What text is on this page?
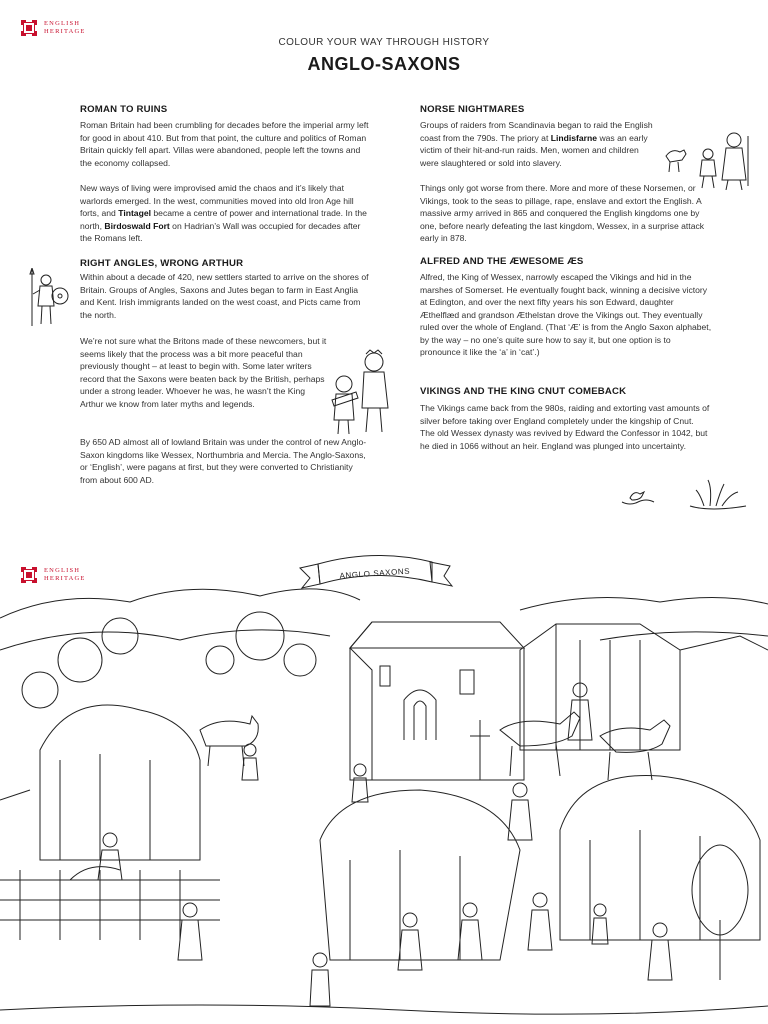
ENGLISH
HERITAGE
COLOUR YOUR WAY THROUGH HISTORY
ANGLO-SAXONS
ROMAN TO RUINS
Roman Britain had been crumbling for decades before the imperial army left for good in about 410. But from that point, the culture and politics of Roman Britain quickly fell apart. Villas were abandoned, people left the towns and the economy collapsed.
New ways of living were improvised amid the chaos and it’s likely that warlords emerged. In the west, communities moved into old Iron Age hill forts, and Tintagel became a centre of power and international trade. In the north, Birdoswald Fort on Hadrian’s Wall was occupied for decades after the Romans left.
RIGHT ANGLES, WRONG ARTHUR
Within about a decade of 420, new settlers started to arrive on the shores of Britain. Groups of Angles, Saxons and Jutes began to farm in East Anglia and Kent. Irish immigrants landed on the west coast, and Picts came from the north.
We’re not sure what the Britons made of these newcomers, but it seems likely that the process was a bit more peaceful than previously thought – at least to begin with. Some later writers record that the Saxons were beaten back by the British, perhaps under a strong leader. Whoever he was, he wasn’t the King Arthur we know from later myths and legends.
By 650 AD almost all of lowland Britain was under the control of new Anglo-Saxon kingdoms like Wessex, Northumbria and Mercia. The Anglo-Saxons, or ‘English’, were pagans at first, but they were converted to Christianity from about 600 AD.
NORSE NIGHTMARES
Groups of raiders from Scandinavia began to raid the English coast from the 790s. The priory at Lindisfarne was an early victim of their hit-and-run raids. Men, women and children were slaughtered or sold into slavery.
Things only got worse from there. More and more of these Norsemen, or Vikings, took to the seas to pillage, rape, enslave and extort the English. A massive army arrived in 865 and conquered the English kingdoms one by one, before nearly defeating the last kingdom, Wessex, in a surprise attack early in 878.
ALFRED AND THE ÆWESOME ÆS
Alfred, the King of Wessex, narrowly escaped the Vikings and hid in the marshes of Somerset. He eventually fought back, winning a decisive victory at Edington, and over the next fifty years his son Edward, daughter Æthelflæd and grandson Æthelstan drove the Vikings out. They eventually ruled over the whole of England. (That ‘Æ’ is from the Anglo Saxon alphabet, by the way – no one’s quite sure how to say it, but one option is to pronounce it like the ‘a’ in ‘cat’.)
VIKINGS AND THE KING CNUT COMEBACK
The Vikings came back from the 980s, raiding and extorting vast amounts of silver before taking over England completely under the kingship of Cnut. The old Wessex dynasty was revived by Edward the Confessor in 1042, but he died in 1066 without an heir. England was plunged into uncertainty.
ENGLISH
HERITAGE	ANGLO SAXONS
